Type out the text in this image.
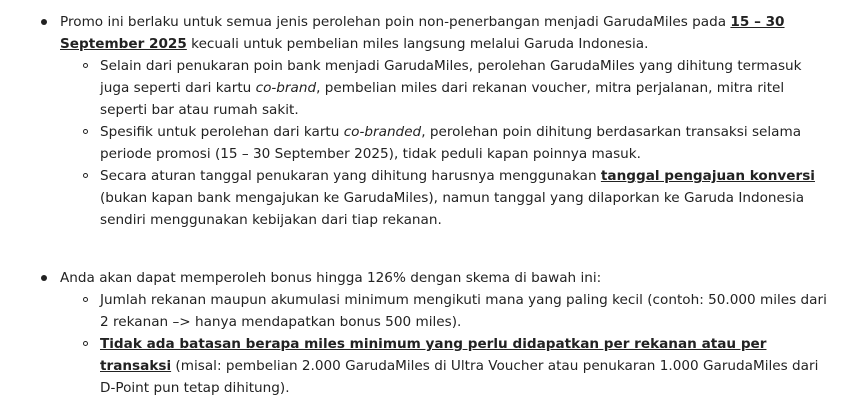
Promo ini berlaku untuk semua jenis perolehan poin non-penerbangan menjadi GarudaMiles pada 15 – 30 September 2025 kecuali untuk pembelian miles langsung melalui Garuda Indonesia.
Selain dari penukaran poin bank menjadi GarudaMiles, perolehan GarudaMiles yang dihitung termasuk juga seperti dari kartu co-brand, pembelian miles dari rekanan voucher, mitra perjalanan, mitra ritel seperti bar atau rumah sakit.
Spesifik untuk perolehan dari kartu co-branded, perolehan poin dihitung berdasarkan transaksi selama periode promosi (15 – 30 September 2025), tidak peduli kapan poinnya masuk.
Secara aturan tanggal penukaran yang dihitung harusnya menggunakan tanggal pengajuan konversi (bukan kapan bank mengajukan ke GarudaMiles), namun tanggal yang dilaporkan ke Garuda Indonesia sendiri menggunakan kebijakan dari tiap rekanan.
Anda akan dapat memperoleh bonus hingga 126% dengan skema di bawah ini:
Jumlah rekanan maupun akumulasi minimum mengikuti mana yang paling kecil (contoh: 50.000 miles dari 2 rekanan –> hanya mendapatkan bonus 500 miles).
Tidak ada batasan berapa miles minimum yang perlu didapatkan per rekanan atau per transaksi (misal: pembelian 2.000 GarudaMiles di Ultra Voucher atau penukaran 1.000 GarudaMiles dari D-Point pun tetap dihitung).
